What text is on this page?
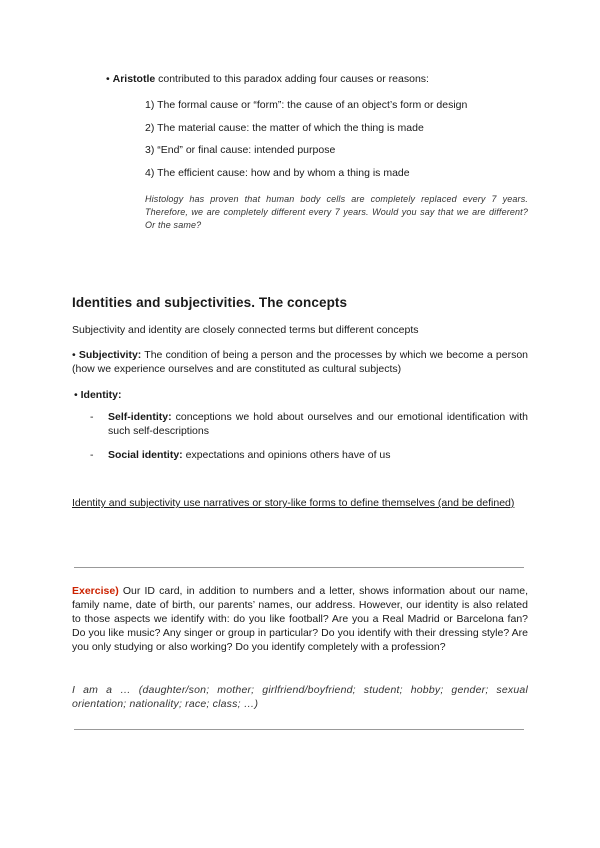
• Aristotle contributed to this paradox adding four causes or reasons:
1) The formal cause or “form”: the cause of an object’s form or design
2) The material cause: the matter of which the thing is made
3) “End” or final cause: intended purpose
4) The efficient cause: how and by whom a thing is made
Histology has proven that human body cells are completely replaced every 7 years. Therefore, we are completely different every 7 years. Would you say that we are different? Or the same?
Identities and subjectivities. The concepts
Subjectivity and identity are closely connected terms but different concepts
• Subjectivity: The condition of being a person and the processes by which we become a person (how we experience ourselves and are constituted as cultural subjects)
• Identity:
- Self-identity: conceptions we hold about ourselves and our emotional identification with such self-descriptions
- Social identity: expectations and opinions others have of us
Identity and subjectivity use narratives or story-like forms to define themselves (and be defined)
Exercise) Our ID card, in addition to numbers and a letter, shows information about our name, family name, date of birth, our parents’ names, our address. However, our identity is also related to those aspects we identify with: do you like football? Are you a Real Madrid or Barcelona fan? Do you like music? Any singer or group in particular? Do you identify with their dressing style? Are you only studying or also working? Do you identify completely with a profession?
I am a … (daughter/son; mother; girlfriend/boyfriend; student; hobby; gender; sexual orientation; nationality; race; class; …)
